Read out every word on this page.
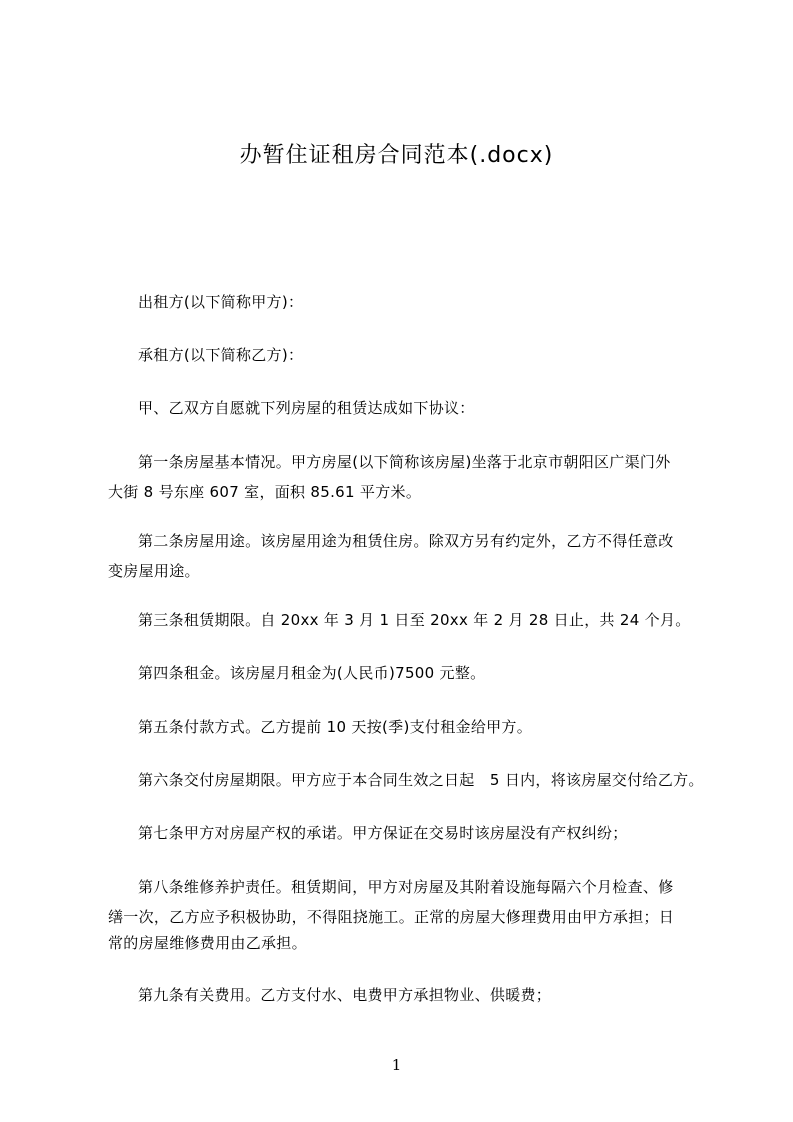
办暂住证租房合同范本(.docx)
出租方(以下简称甲方)：
承租方(以下简称乙方)：
甲、乙双方自愿就下列房屋的租赁达成如下协议：
第一条房屋基本情况。甲方房屋(以下简称该房屋)坐落于北京市朝阳区广渠门外
大街 8 号东座 607 室，面积 85.61 平方米。
第二条房屋用途。该房屋用途为租赁住房。除双方另有约定外，乙方不得任意改
变房屋用途。
第三条租赁期限。自 20xx 年 3 月 1 日至 20xx 年 2 月 28 日止，共 24 个月。
第四条租金。该房屋月租金为(人民币)7500 元整。
第五条付款方式。乙方提前 10 天按(季)支付租金给甲方。
第六条交付房屋期限。甲方应于本合同生效之日起　5 日内，将该房屋交付给乙方。
第七条甲方对房屋产权的承诺。甲方保证在交易时该房屋没有产权纠纷；
第八条维修养护责任。租赁期间，甲方对房屋及其附着设施每隔六个月检查、修
缮一次，乙方应予积极协助，不得阻挠施工。正常的房屋大修理费用由甲方承担；日
常的房屋维修费用由乙承担。
第九条有关费用。乙方支付水、电费甲方承担物业、供暖费；
1
